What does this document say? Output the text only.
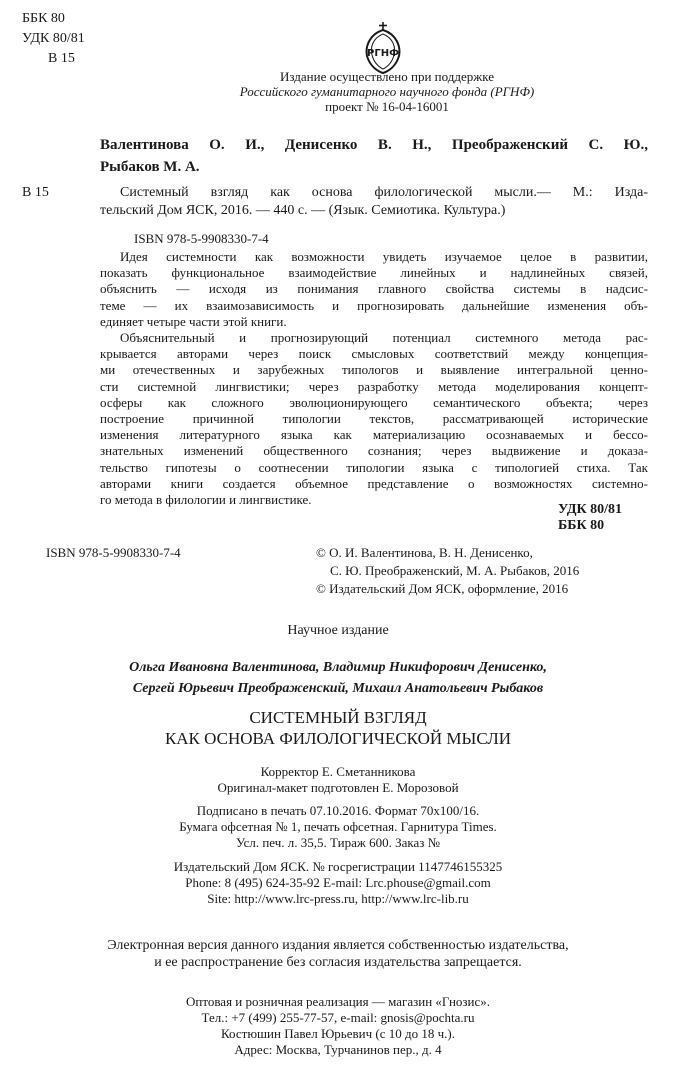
ББК 80
УДК 80/81
В 15	РГНФ
Издание осуществлено при поддержке
Российского гуманитарного научного фонда (РГНФ)
проект № 16-04-16001
Валентинова О. И., Денисенко В. Н., Преображенский С. Ю.,
Рыбаков М. А.
В 15	Системный взгляд как основа филологической мысли.— М.: Изда-
тельский Дом ЯСК, 2016. — 440 с. — (Язык. Семиотика. Культура.)
ISBN 978-5-9908330-7-4
Идея системности как возможности увидеть изучаемое целое в развитии,
показать функциональное взаимодействие линейных и надлинейных связей,
объяснить — исходя из понимания главного свойства системы в надсис-
теме — их взаимозависимость и прогнозировать дальнейшие изменения объ-
единяет четыре части этой книги.
Объяснительный и прогнозирующий потенциал системного метода рас-
крывается авторами через поиск смысловых соответствий между концепция-
ми отечественных и зарубежных типологов и выявление интегральной ценно-
сти системной лингвистики; через разработку метода моделирования концепт-
осферы как сложного эволюционирующего семантического объекта; через
построение причинной типологии текстов, рассматривающей исторические
изменения литературного языка как материализацию осознаваемых и бессо-
знательных изменений общественного сознания; через выдвижение и доказа-
тельство гипотезы о соотнесении типологии языка с типологией стиха. Так
авторами книги создается объемное представление о возможностях системно-
го метода в филологии и лингвистике.
УДК 80/81
ББК 80
ISBN 978-5-9908330-7-4	© О. И. Валентинова, В. Н. Денисенко,
С. Ю. Преображенский, М. А. Рыбаков, 2016
© Издательский Дом ЯСК, оформление, 2016
Научное издание
Ольга Ивановна Валентинова, Владимир Никифорович Денисенко,
Сергей Юрьевич Преображенский, Михаил Анатольевич Рыбаков
СИСТЕМНЫЙ ВЗГЛЯД
КАК ОСНОВА ФИЛОЛОГИЧЕСКОЙ МЫСЛИ
Корректор Е. Сметанникова
Оригинал-макет подготовлен Е. Морозовой
Подписано в печать 07.10.2016. Формат 70х100/16.
Бумага офсетная № 1, печать офсетная. Гарнитура Times.
Усл. печ. л. 35,5. Тираж 600. Заказ №
Издательский Дом ЯСК. № госрегистрации 1147746155325
Phone: 8 (495) 624-35-92 E-mail: Lrc.phouse@gmail.com
Site: http://www.lrc-press.ru, http://www.lrc-lib.ru
Электронная версия данного издания является собственностью издательства,
и ее распространение без согласия издательства запрещается.
Оптовая и розничная реализация — магазин «Гнозис».
Тел.: +7 (499) 255-77-57, e-mail: gnosis@pochta.ru
Костюшин Павел Юрьевич (с 10 до 18 ч.).
Адрес: Москва, Турчанинов пер., д. 4
